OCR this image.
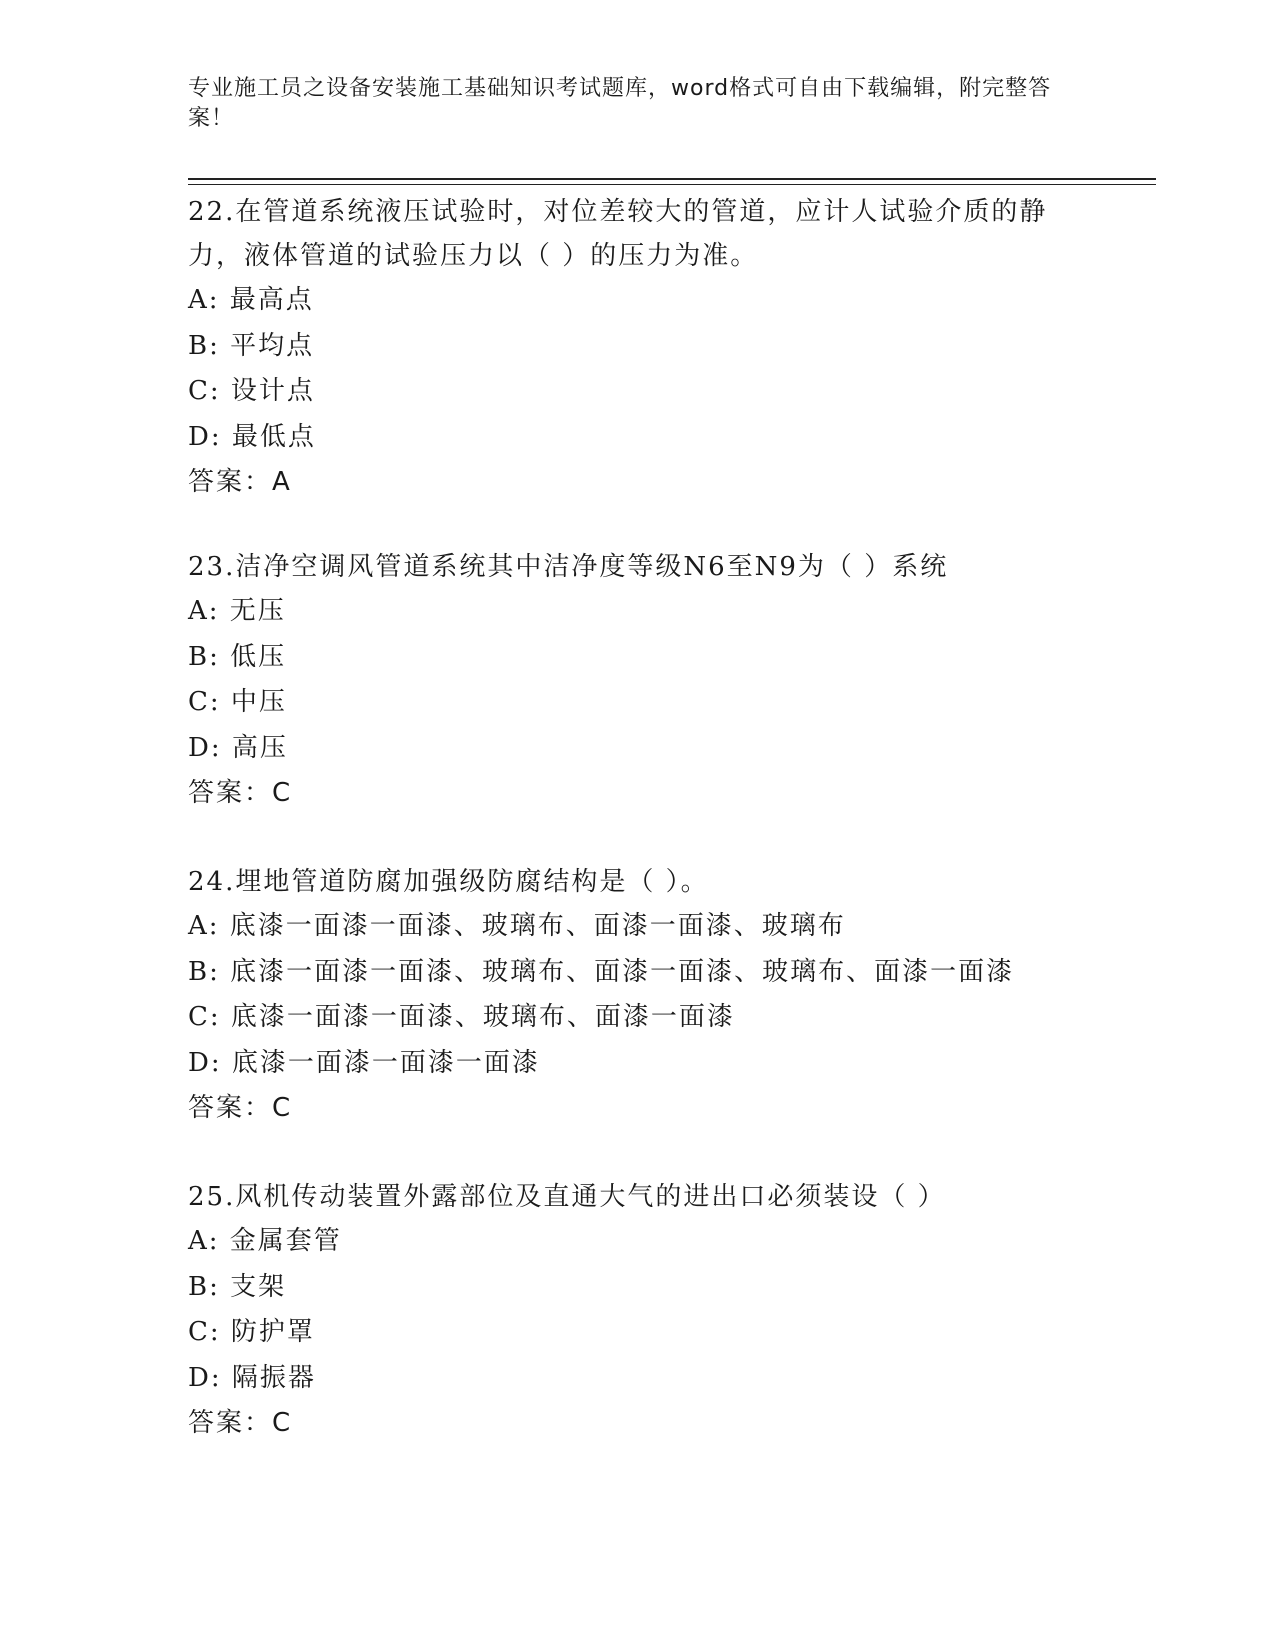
专业施工员之设备安装施工基础知识考试题库，word格式可自由下载编辑，附完整答案！
22.在管道系统液压试验时，对位差较大的管道，应计人试验介质的静力，液体管道的试验压力以（ ）的压力为准。
A: 最高点
B: 平均点
C: 设计点
D: 最低点
答案：A
23.洁净空调风管道系统其中洁净度等级N6至N9为（ ）系统
A: 无压
B: 低压
C: 中压
D: 高压
答案：C
24.埋地管道防腐加强级防腐结构是（ ）。
A: 底漆一面漆一面漆、玻璃布、面漆一面漆、玻璃布
B: 底漆一面漆一面漆、玻璃布、面漆一面漆、玻璃布、面漆一面漆
C: 底漆一面漆一面漆、玻璃布、面漆一面漆
D: 底漆一面漆一面漆一面漆
答案：C
25.风机传动装置外露部位及直通大气的进出口必须装设（ ）
A: 金属套管
B: 支架
C: 防护罩
D: 隔振器
答案：C
